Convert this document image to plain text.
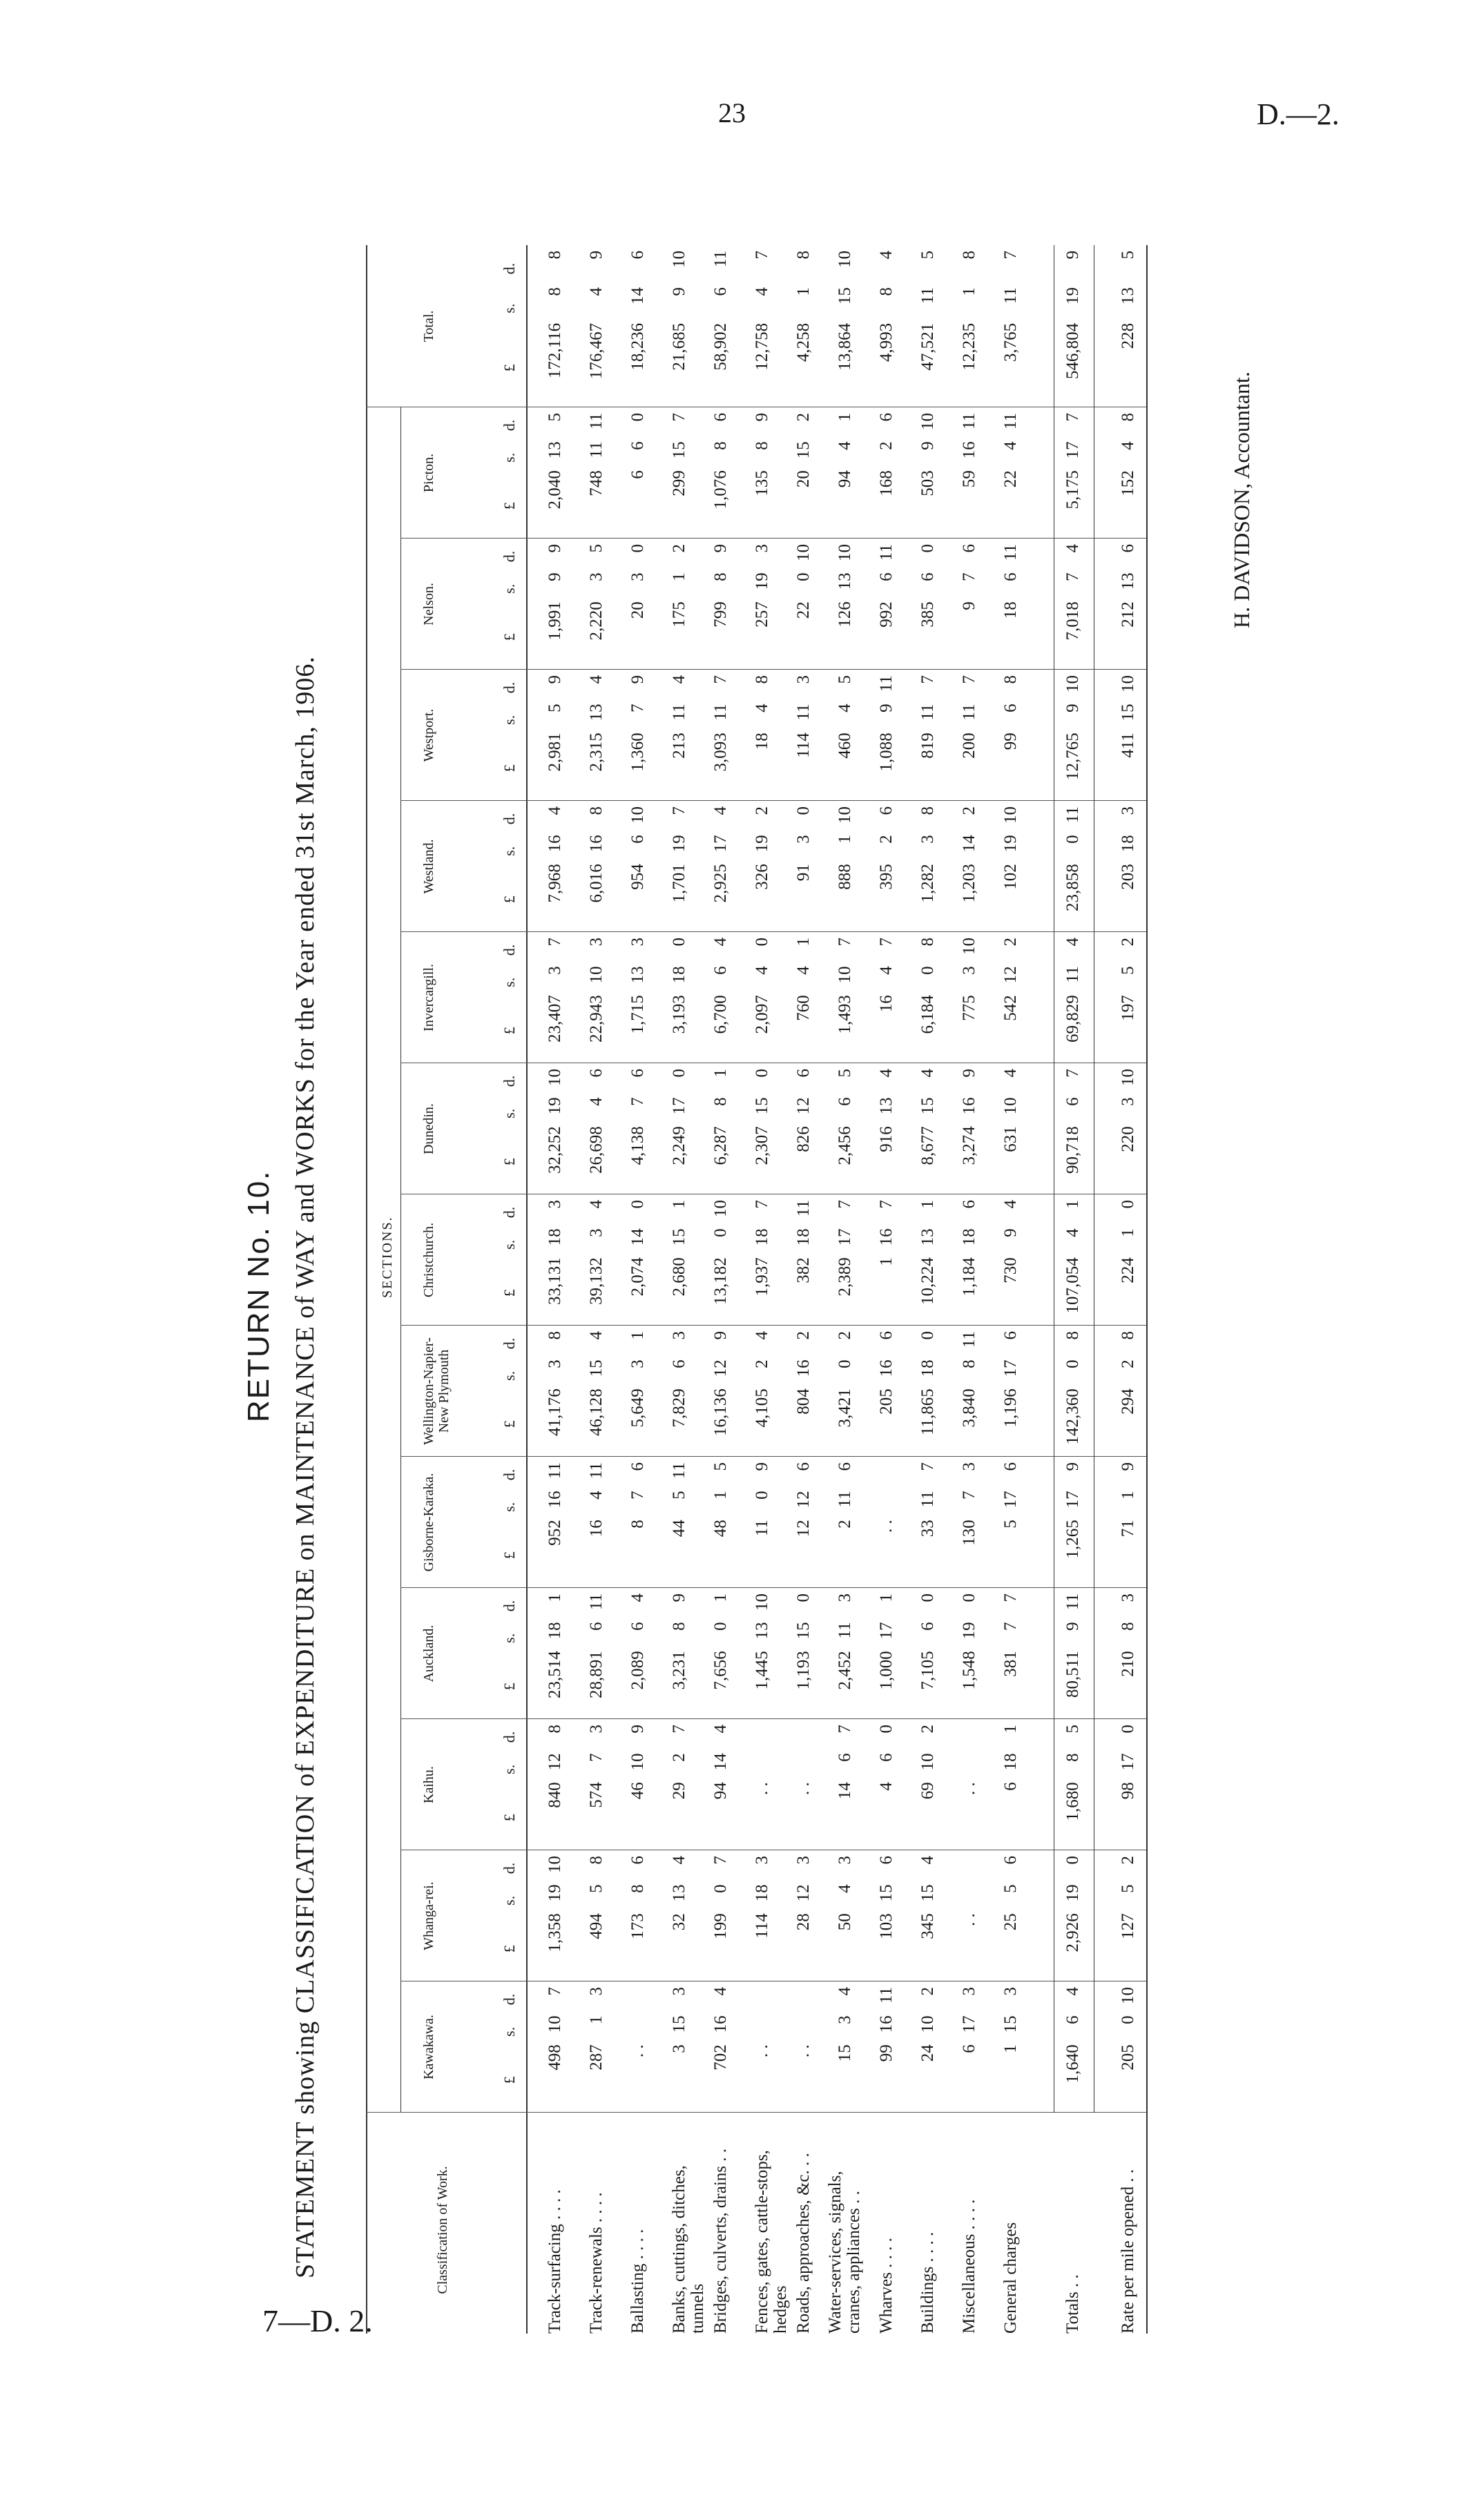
23	D.—2.
7—D. 2.
RETURN No. 10. STATEMENT showing CLASSIFICATION of EXPENDITURE on MAINTENANCE of WAY and WORKS for the Year ended 31st March, 1906.	SECTIONS.
Classification of Work.
Kawakawa.
Whanga-rei.
Kaihu.
Auckland.
Gisborne-Karaka.
Wellington-Napier-New Plymouth
Christchurch.
Dunedin.
Invercargill.
Westland.
Westport.
Nelson.
Picton.
Total.
£
s.
d.
£
s.
d.
£
s.
d.
£
s.
d.
£
s.
d.
£
s.
d.
£
s.
d.
£
s.
d.
£
s.
d.
£
s.
d.
£
s.
d.
£
s.
d.
£
s.
d.
£
s.
d.
Track-surfacing . . . .
498
10
7
1,358
19
10
840
12
8
23,514
18
1
952
16
11
41,176
3
8
33,131
18
3
32,252
19
10
23,407
3
7
7,968
16
4
2,981
5
9
1,991
9
9
2,040
13
5
172,116
8
8
Track-renewals . . . .
287
1
3
494
5
8
574
7
3
28,891
6
11
16
4
11
46,128
15
4
39,132
3
4
26,698
4
6
22,943
10
3
6,016
16
8
2,315
13
4
2,220
3
5
748
11
11
176,467
4
9
Ballasting . . . .
. .
173
8
6
46
10
9
2,089
6
4
8
7
6
5,649
3
1
2,074
14
0
4,138
7
6
1,715
13
3
954
6
10
1,360
7
9
20
3
0
6
6
0
18,236
14
6
Banks, cuttings, ditches, tunnels
3
15
3
32
13
4
29
2
7
3,231
8
9
44
5
11
7,829
6
3
2,680
15
1
2,249
17
0
3,193
18
0
1,701
19
7
213
11
4
175
1
2
299
15
7
21,685
9
10
Bridges, culverts, drains . .
702
16
4
199
0
7
94
14
4
7,656
0
1
48
1
5
16,136
12
9
13,182
0
10
6,287
8
1
6,700
6
4
2,925
17
4
3,093
11
7
799
8
9
1,076
8
6
58,902
6
11
Fences, gates, cattle-stops, hedges
. .
114
18
3
. .
1,445
13
10
11
0
9
4,105
2
4
1,937
18
7
2,307
15
0
2,097
4
0
326
19
2
18
4
8
257
19
3
135
8
9
12,758
4
7
Roads, approaches, &c. . .
. .
28
12
3
. .
1,193
15
0
12
12
6
804
16
2
382
18
11
826
12
6
760
4
1
91
3
0
114
11
3
22
0
10
20
15
2
4,258
1
8
Water-services, signals, cranes, appliances . .
15
3
4
50
4
3
14
6
7
2,452
11
3
2
11
6
3,421
0
2
2,389
17
7
2,456
6
5
1,493
10
7
888
1
10
460
4
5
126
13
10
94
4
1
13,864
15
10
Wharves . . . .
99
16
11
103
15
6
4
6
0
1,000
17
1
. .
205
16
6
1
16
7
916
13
4
16
4
7
395
2
6
1,088
9
11
992
6
11
168
2
6
4,993
8
4
Buildings . . . .
24
10
2
345
15
4
69
10
2
7,105
6
0
33
11
7
11,865
18
0
10,224
13
1
8,677
15
4
6,184
0
8
1,282
3
8
819
11
7
385
6
0
503
9
10
47,521
11
5
Miscellaneous . . . .
6
17
3
. .
. .
1,548
19
0
130
7
3
3,840
8
11
1,184
18
6
3,274
16
9
775
3
10
1,203
14
2
200
11
7
9
7
6
59
16
11
12,235
1
8
General charges
1
15
3
25
5
6
6
18
1
381
7
7
5
17
6
1,196
17
6
730
9
4
631
10
4
542
12
2
102
19
10
99
6
8
18
6
11
22
4
11
3,765
11
7
Totals . .
1,640
6
4
2,926
19
0
1,680
8
5
80,511
9
11
1,265
17
9
142,360
0
8
107,054
4
1
90,718
6
7
69,829
11
4
23,858
0
11
12,765
9
10
7,018
7
4
5,175
17
7
546,804
19
9
Rate per mile opened . .
205
0
10
127
5
2
98
17
0
210
8
3
71
1
9
294
2
8
224
1
0
220
3
10
197
5
2
203
18
3
411
15
10
212
13
6
152
4
8
228
13
5
H. DAVIDSON, Accountant.
